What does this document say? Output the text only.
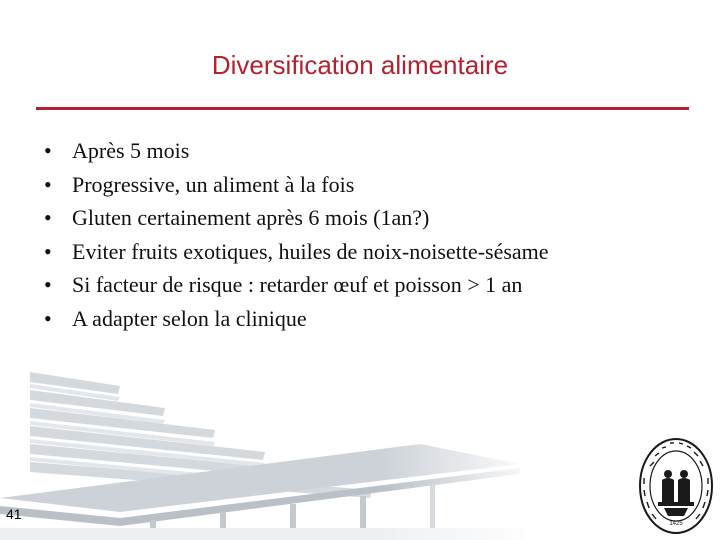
Diversification alimentaire
• Après 5 mois
• Progressive, un aliment à la fois
• Gluten certainement après 6 mois (1an?)
• Eviter fruits exotiques, huiles de noix-noisette-sésame
• Si facteur de risque : retarder œuf et poisson > 1 an
• A adapter selon la clinique
41
1425
